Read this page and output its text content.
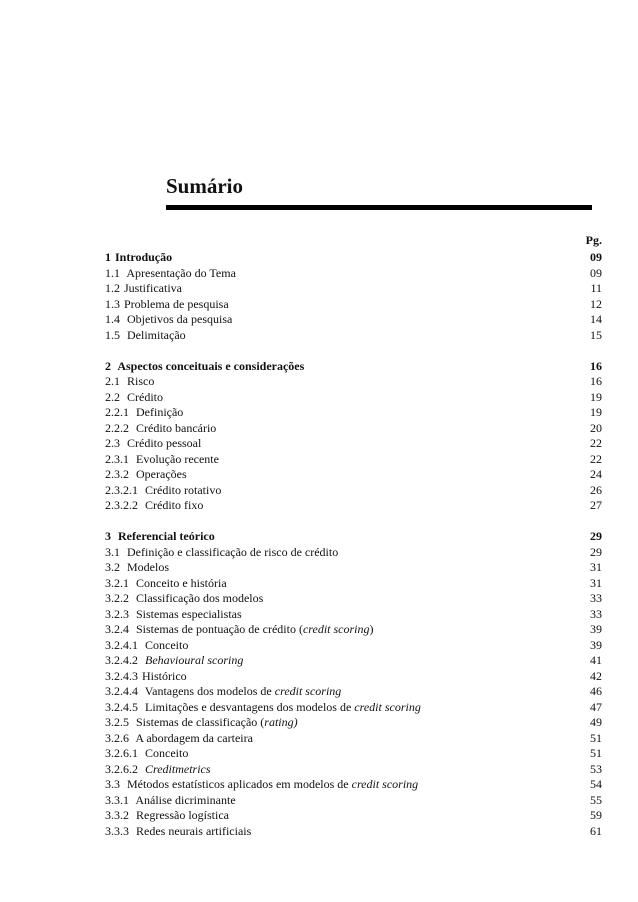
Sumário
Pg.
1 Introdução	09
1.1 Apresentação do Tema	09
1.2 Justificativa	11
1.3 Problema de pesquisa	12
1.4 Objetivos da pesquisa	14
1.5 Delimitação	15
2 Aspectos conceituais e considerações	16
2.1 Risco	16
2.2 Crédito	19
2.2.1 Definição	19
2.2.2 Crédito bancário	20
2.3 Crédito pessoal	22
2.3.1 Evolução recente	22
2.3.2 Operações	24
2.3.2.1 Crédito rotativo	26
2.3.2.2 Crédito fixo	27
3 Referencial teórico	29
3.1 Definição e classificação de risco de crédito	29
3.2 Modelos	31
3.2.1 Conceito e história	31
3.2.2 Classificação dos modelos	33
3.2.3 Sistemas especialistas	33
3.2.4 Sistemas de pontuação de crédito (credit scoring)	39
3.2.4.1 Conceito	39
3.2.4.2 Behavioural scoring	41
3.2.4.3 Histórico	42
3.2.4.4 Vantagens dos modelos de credit scoring	46
3.2.4.5 Limitações e desvantagens dos modelos de credit scoring	47
3.2.5 Sistemas de classificação (rating)	49
3.2.6 A abordagem da carteira	51
3.2.6.1 Conceito	51
3.2.6.2 Creditmetrics	53
3.3 Métodos estatísticos aplicados em modelos de credit scoring	54
3.3.1 Análise dicriminante	55
3.3.2 Regressão logística	59
3.3.3 Redes neurais artificiais	61
